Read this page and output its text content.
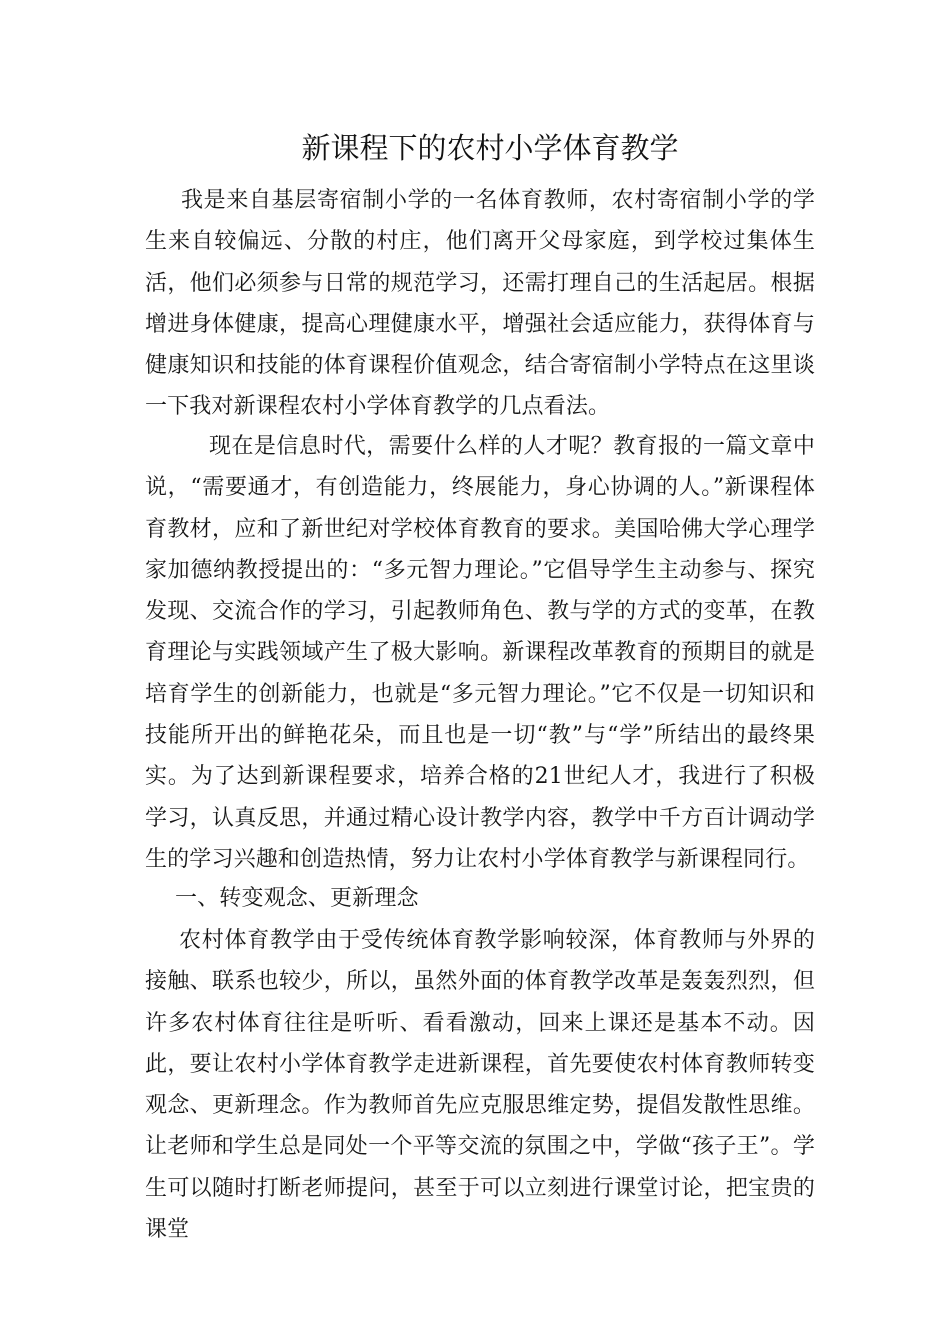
新课程下的农村小学体育教学

我是来自基层寄宿制小学的一名体育教师，农村寄宿制小学的学生来自较偏远、分散的村庄，他们离开父母家庭，到学校过集体生活，他们必须参与日常的规范学习，还需打理自己的生活起居。根据增进身体健康，提高心理健康水平，增强社会适应能力，获得体育与健康知识和技能的体育课程价值观念，结合寄宿制小学特点在这里谈一下我对新课程农村小学体育教学的几点看法。

现在是信息时代，需要什么样的人才呢？教育报的一篇文章中说，“需要通才，有创造能力，终展能力，身心协调的人。”新课程体育教材，应和了新世纪对学校体育教育的要求。美国哈佛大学心理学家加德纳教授提出的：“多元智力理论。”它倡导学生主动参与、探究发现、交流合作的学习，引起教师角色、教与学的方式的变革，在教育理论与实践领域产生了极大影响。新课程改革教育的预期目的就是培育学生的创新能力，也就是“多元智力理论。”它不仅是一切知识和技能所开出的鲜艳花朵，而且也是一切“教”与“学”所结出的最终果实。为了达到新课程要求，培养合格的21世纪人才，我进行了积极学习，认真反思，并通过精心设计教学内容，教学中千方百计调动学生的学习兴趣和创造热情，努力让农村小学体育教学与新课程同行。

一、转变观念、更新理念

农村体育教学由于受传统体育教学影响较深，体育教师与外界的接触、联系也较少，所以，虽然外面的体育教学改革是轰轰烈烈，但许多农村体育往往是听听、看看激动，回来上课还是基本不动。因此，要让农村小学体育教学走进新课程，首先要使农村体育教师转变观念、更新理念。作为教师首先应克服思维定势，提倡发散性思维。让老师和学生总是同处一个平等交流的氛围之中，学做“孩子王”。学生可以随时打断老师提问，甚至于可以立刻进行课堂讨论，把宝贵的课堂
